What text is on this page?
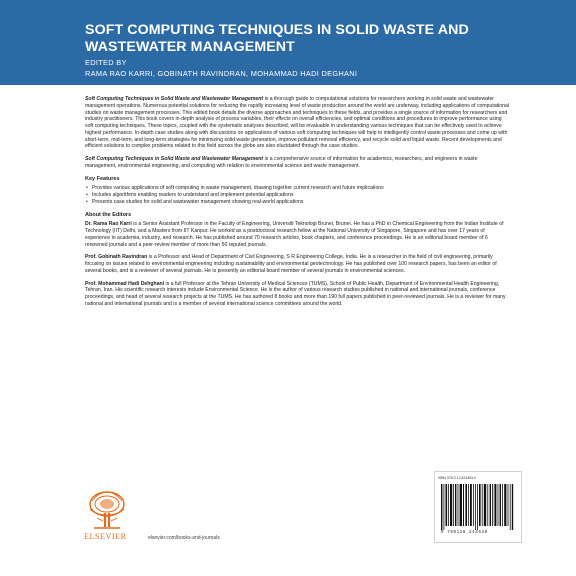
SOFT COMPUTING TECHNIQUES IN SOLID WASTE AND WASTEWATER MANAGEMENT
EDITED BY
RAMA RAO KARRI, GOBINATH RAVINDRAN, MOHAMMAD HADI DEGHANI

Soft Computing Techniques in Solid Waste and Wastewater Management is a thorough guide to computational solutions for researchers working in solid waste and wastewater management operations. Numerous potential solutions for reducing the rapidly increasing level of waste production around the world are underway, including applications of computational studies on waste management processes. This edited book details the diverse approaches and techniques in these fields, and provides a single source of information for researchers and industry practitioners. This book covers in-depth analysis of process variables, their effects on overall efficiencies, and optimal conditions and procedures to improve performance using soft computing techniques. These topics, coupled with the systematic analyses described, will be invaluable in understanding various techniques that can be effectively used to achieve highest performance. In-depth case studies along with discussions on applications of various soft computing techniques will help to intelligently control waste processes and come up with short-term, mid-term, and long-term strategies for minimizing solid waste generation, improve pollutant removal efficiency, and recycle solid and liquid waste. Recent developments and efficient solutions to complex problems related to this field across the globe are also elucidated through the case studies.

Soft Computing Techniques in Solid Waste and Wastewater Management is a comprehensive source of information for academics, researchers, and engineers in waste management, environmental engineering, and computing with relation to environmental science and waste management.

Key Features
• Provides various applications of soft computing in waste management, drawing together current research and future implications
• Includes algorithms enabling readers to understand and implement potential applications
• Presents case studies for solid and wastewater management showing real-world applications
About the Editors

Dr. Rama Rao Karri is a Senior Assistant Professor in the Faculty of Engineering, Universiti Teknologi Brunei, Brunei. He has a PhD in Chemical Engineering from the Indian Institute of Technology (IIT) Delhi, and a Masters from IIT Kanpur. He worked as a postdoctoral research fellow at the National University of Singapore, Singapore and has over 17 years of experience in academia, industry, and research. He has published around 70 research articles, book chapters, and conference proceedings. He is an editorial board member of 6 renowned journals and a peer-review member of more than 50 reputed journals.

Prof. Gobinath Ravindran is a Professor and Head of Department of Civil Engineering, S R Engineering College, India. He is a researcher in the field of civil engineering, primarily focusing on issues related to environmental engineering including sustainability and environmental geotechnology. He has published over 100 research papers, has been an editor of several books, and is a reviewer of several journals. He is presently an editorial board member of several journals in environmental sciences.

Prof. Mohammad Hadi Dehghani is a full Professor at the Tehran University of Medical Sciences (TUMS), School of Public Health, Department of Environmental Health Engineering, Tehran, Iran. His scientific research interests include Environmental Science. He is the author of various research studies published in national and international journals, conference proceedings, and head of several research projects at the TUMS. He has authored 8 books and more than 190 full papers published in peer-reviewed journals. He is a reviewer for many national and international journals and is a member of several international science committees around the world.

ELSEVIER	elsevier.com/books-and-journals
ISBN 978-0-12-824463-0
9 780128 244630
